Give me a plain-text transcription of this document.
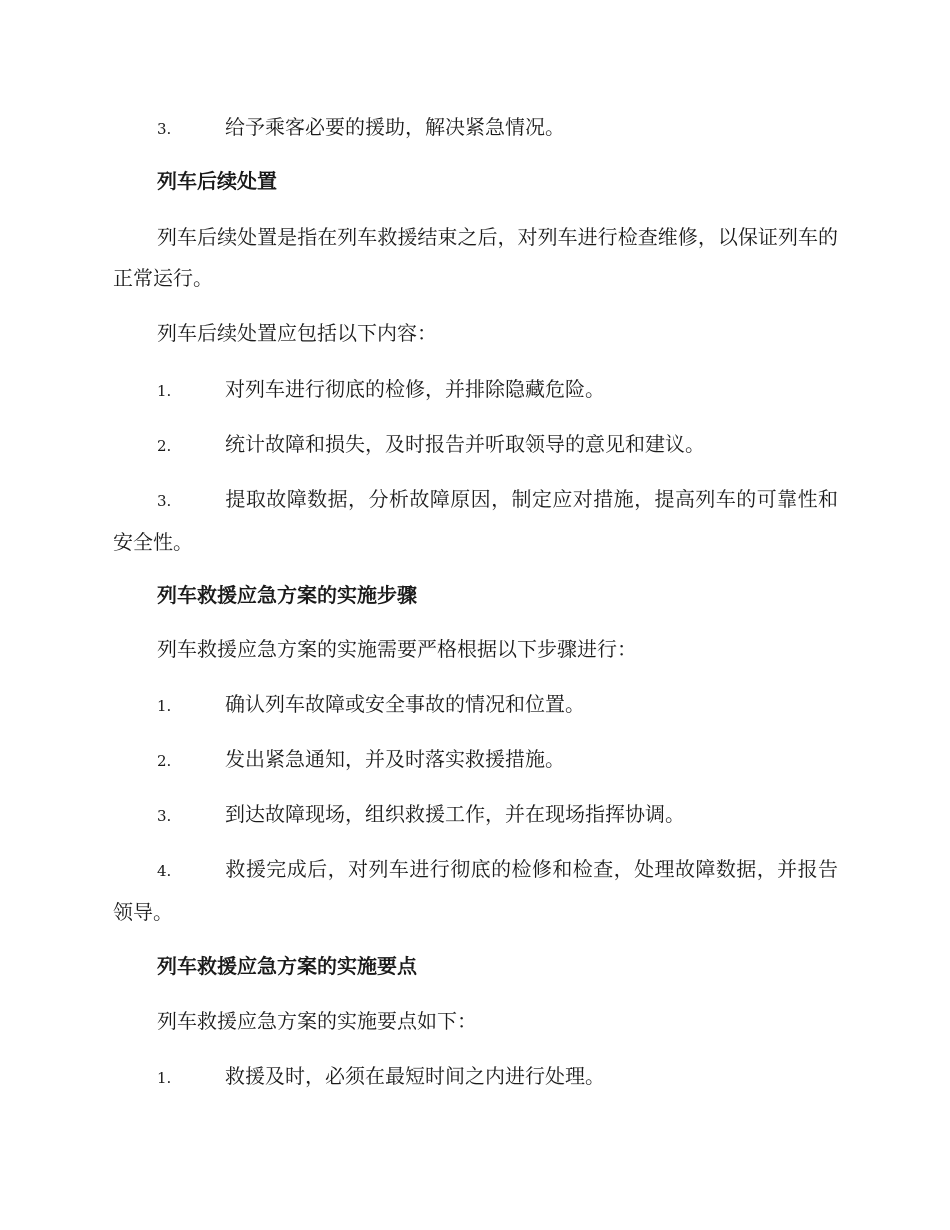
3.	给予乘客必要的援助，解决紧急情况。
列车后续处置
列车后续处置是指在列车救援结束之后，对列车进行检查维修，以保证列车的正常运行。
列车后续处置应包括以下内容：
1.	对列车进行彻底的检修，并排除隐藏危险。
2.	统计故障和损失，及时报告并听取领导的意见和建议。
3.	提取故障数据，分析故障原因，制定应对措施，提高列车的可靠性和安全性。
列车救援应急方案的实施步骤
列车救援应急方案的实施需要严格根据以下步骤进行：
1.	确认列车故障或安全事故的情况和位置。
2.	发出紧急通知，并及时落实救援措施。
3.	到达故障现场，组织救援工作，并在现场指挥协调。
4.	救援完成后，对列车进行彻底的检修和检查，处理故障数据，并报告领导。
列车救援应急方案的实施要点
列车救援应急方案的实施要点如下：
1.	救援及时，必须在最短时间之内进行处理。
